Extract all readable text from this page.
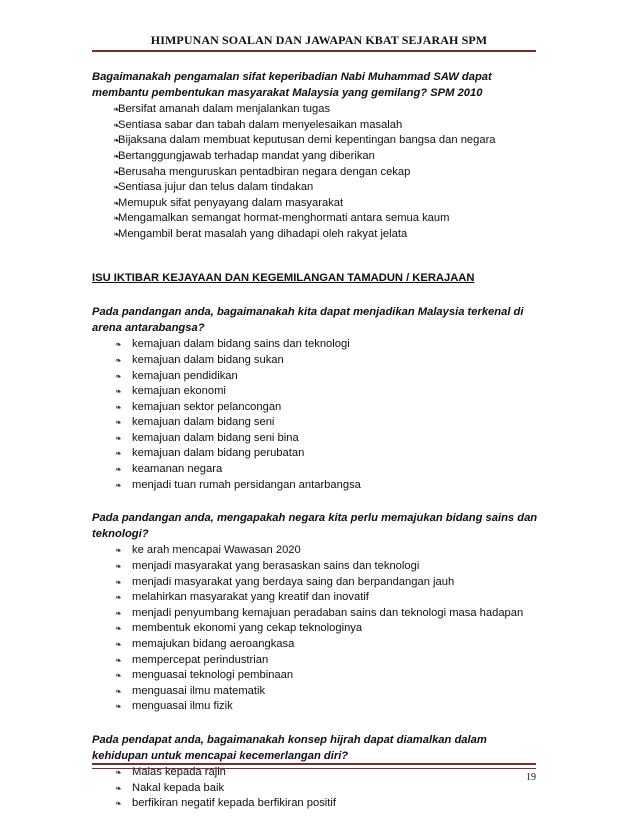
HIMPUNAN SOALAN DAN JAWAPAN KBAT SEJARAH SPM

Bagaimanakah pengamalan sifat keperibadian Nabi Muhammad SAW dapat membantu pembentukan masyarakat Malaysia yang gemilang? SPM 2010

❧
Bersifat amanah dalam menjalankan tugas
❧
Sentiasa sabar dan tabah dalam menyelesaikan masalah
❧
Bijaksana dalam membuat keputusan demi kepentingan bangsa dan negara
❧
Bertanggungjawab terhadap mandat yang diberikan
❧
Berusaha menguruskan pentadbiran negara dengan cekap
❧
Sentiasa jujur dan telus dalam tindakan
❧
Memupuk sifat penyayang dalam masyarakat
❧
Mengamalkan semangat hormat-menghormati antara semua kaum
❧
Mengambil berat masalah yang dihadapi oleh rakyat jelata

ISU IKTIBAR KEJAYAAN DAN KEGEMILANGAN TAMADUN / KERAJAAN

Pada pandangan anda, bagaimanakah kita dapat menjadikan Malaysia terkenal di arena antarabangsa?

❧ kemajuan dalam bidang sains dan teknologi
❧ kemajuan dalam bidang sukan
❧ kemajuan pendidikan
❧ kemajuan ekonomi
❧ kemajuan sektor pelancongan
❧ kemajuan dalam bidang seni
❧ kemajuan dalam bidang seni bina
❧ kemajuan dalam bidang perubatan
❧ keamanan negara
❧ menjadi tuan rumah persidangan antarbangsa

Pada pandangan anda, mengapakah negara kita perlu memajukan bidang sains dan teknologi?

❧ ke arah mencapai Wawasan 2020
❧ menjadi masyarakat yang berasaskan sains dan teknologi
❧ menjadi masyarakat yang berdaya saing dan berpandangan jauh
❧ melahirkan masyarakat yang kreatif dan inovatif
❧ menjadi penyumbang kemajuan peradaban sains dan teknologi masa hadapan
❧ membentuk ekonomi yang cekap teknologinya
❧ memajukan bidang aeroangkasa
❧ mempercepat perindustrian
❧ menguasai teknologi pembinaan
❧ menguasai ilmu matematik
❧ menguasai ilmu fizik

Pada pendapat anda, bagaimanakah konsep hijrah dapat diamalkan dalam kehidupan untuk mencapai kecemerlangan diri?

❧ Malas kepada rajin
❧ Nakal kepada baik
❧ berfikiran negatif kepada berfikiran positif
19
